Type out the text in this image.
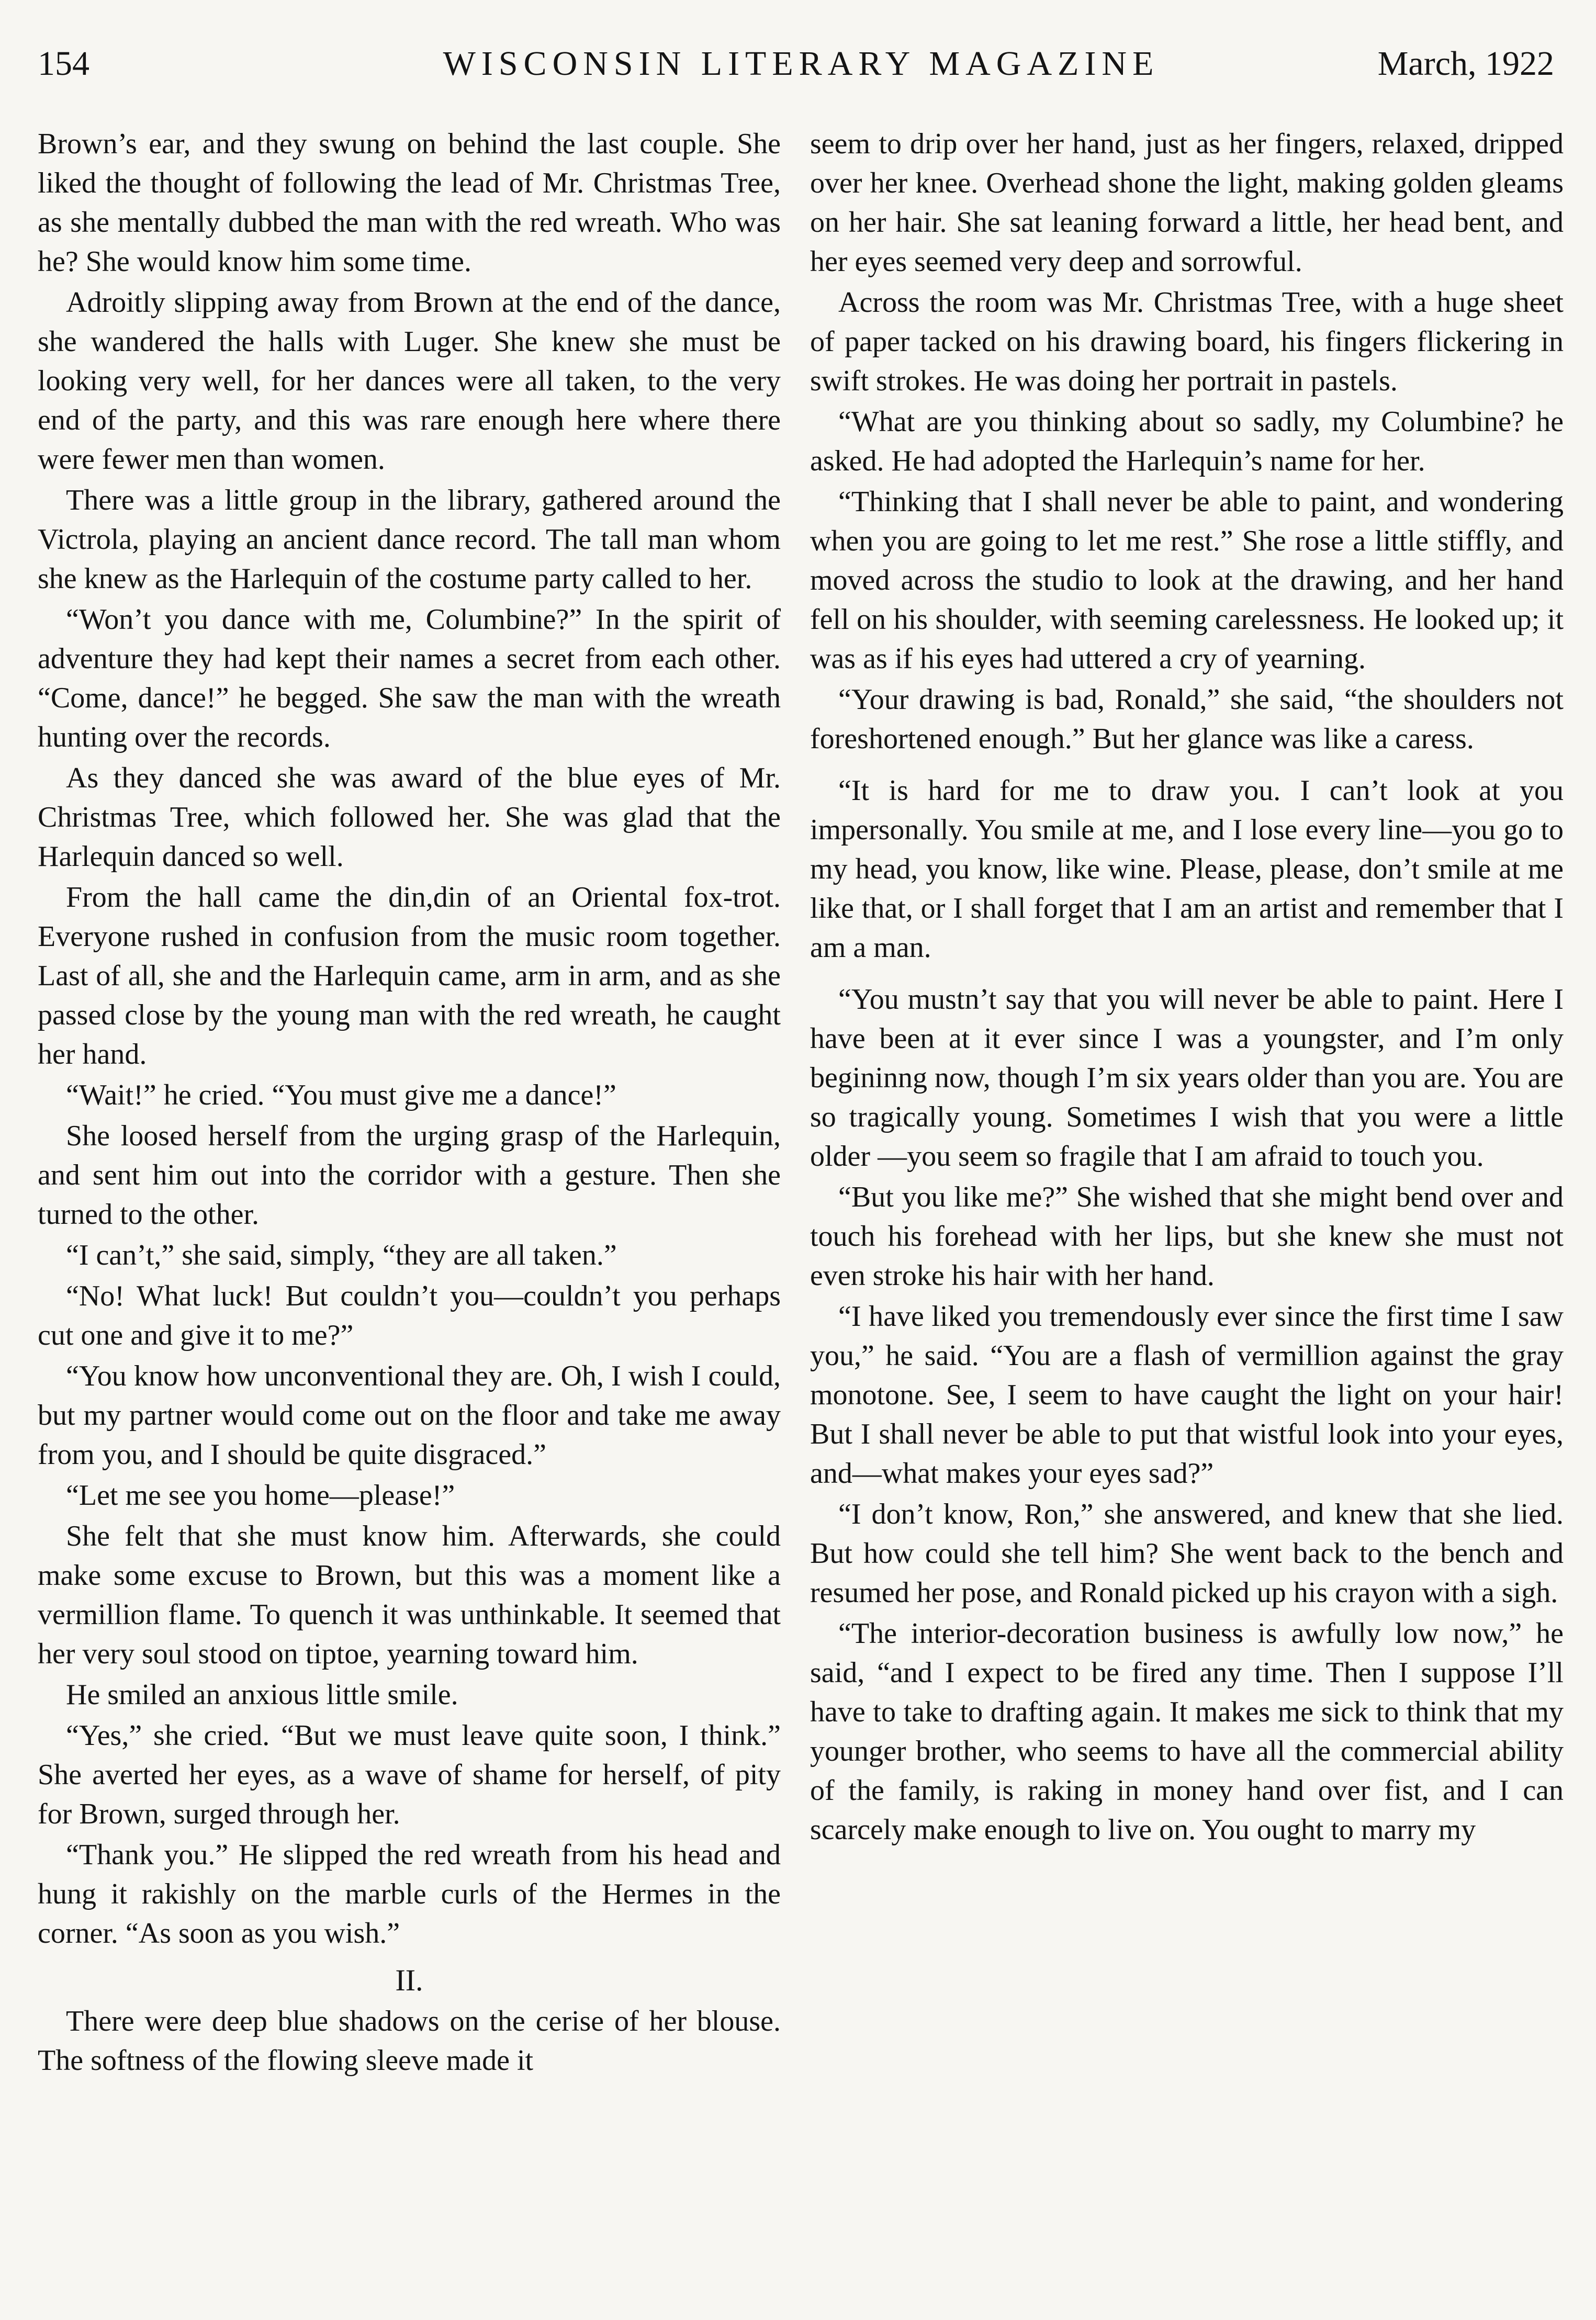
154	WISCONSIN LITERARY MAGAZINE	March, 1922

Brown’s ear, and they swung on behind the last couple. She liked the thought of following the lead of Mr. Christmas Tree, as she mentally dubbed the man with the red wreath. Who was he? She would know him some time.

Adroitly slipping away from Brown at the end of the dance, she wandered the halls with Luger. She knew she must be looking very well, for her dances were all taken, to the very end of the party, and this was rare enough here where there were fewer men than women.

There was a little group in the library, gathered around the Victrola, playing an ancient dance record. The tall man whom she knew as the Harlequin of the costume party called to her.

“Won’t you dance with me, Columbine?” In the spirit of adventure they had kept their names a secret from each other. “Come, dance!” he begged. She saw the man with the wreath hunting over the records.

As they danced she was award of the blue eyes of Mr. Christmas Tree, which followed her. She was glad that the Harlequin danced so well.

From the hall came the din,din of an Oriental fox-trot. Everyone rushed in confusion from the music room together. Last of all, she and the Harlequin came, arm in arm, and as she passed close by the young man with the red wreath, he caught her hand.

“Wait!” he cried. “You must give me a dance!”

She loosed herself from the urging grasp of the Harlequin, and sent him out into the corridor with a gesture. Then she turned to the other.

“I can’t,” she said, simply, “they are all taken.”

“No! What luck! But couldn’t you—couldn’t you perhaps cut one and give it to me?”

“You know how unconventional they are. Oh, I wish I could, but my partner would come out on the floor and take me away from you, and I should be quite disgraced.”

“Let me see you home—please!”

She felt that she must know him. Afterwards, she could make some excuse to Brown, but this was a moment like a vermillion flame. To quench it was unthinkable. It seemed that her very soul stood on tiptoe, yearning toward him.

He smiled an anxious little smile.

“Yes,” she cried. “But we must leave quite soon, I think.” She averted her eyes, as a wave of shame for herself, of pity for Brown, surged through her.

“Thank you.” He slipped the red wreath from his head and hung it rakishly on the marble curls of the Hermes in the corner. “As soon as you wish.”

II.

There were deep blue shadows on the cerise of her blouse. The softness of the flowing sleeve made it

seem to drip over her hand, just as her fingers, relaxed, dripped over her knee. Overhead shone the light, making golden gleams on her hair. She sat leaning forward a little, her head bent, and her eyes seemed very deep and sorrowful.

Across the room was Mr. Christmas Tree, with a huge sheet of paper tacked on his drawing board, his fingers flickering in swift strokes. He was doing her portrait in pastels.

“What are you thinking about so sadly, my Columbine? he asked. He had adopted the Harlequin’s name for her.

“Thinking that I shall never be able to paint, and wondering when you are going to let me rest.” She rose a little stiffly, and moved across the studio to look at the drawing, and her hand fell on his shoulder, with seeming carelessness. He looked up; it was as if his eyes had uttered a cry of yearning.

“Your drawing is bad, Ronald,” she said, “the shoulders not foreshortened enough.” But her glance was like a caress.

“It is hard for me to draw you. I can’t look at you impersonally. You smile at me, and I lose every line—you go to my head, you know, like wine. Please, please, don’t smile at me like that, or I shall forget that I am an artist and remember that I am a man.

“You mustn’t say that you will never be able to paint. Here I have been at it ever since I was a youngster, and I’m only begininng now, though I’m six years older than you are. You are so tragically young. Sometimes I wish that you were a little older —you seem so fragile that I am afraid to touch you.

“But you like me?” She wished that she might bend over and touch his forehead with her lips, but she knew she must not even stroke his hair with her hand.

“I have liked you tremendously ever since the first time I saw you,” he said. “You are a flash of vermillion against the gray monotone. See, I seem to have caught the light on your hair! But I shall never be able to put that wistful look into your eyes, and—what makes your eyes sad?”

“I don’t know, Ron,” she answered, and knew that she lied. But how could she tell him? She went back to the bench and resumed her pose, and Ronald picked up his crayon with a sigh.

“The interior-decoration business is awfully low now,” he said, “and I expect to be fired any time. Then I suppose I’ll have to take to drafting again. It makes me sick to think that my younger brother, who seems to have all the commercial ability of the family, is raking in money hand over fist, and I can scarcely make enough to live on. You ought to marry my
